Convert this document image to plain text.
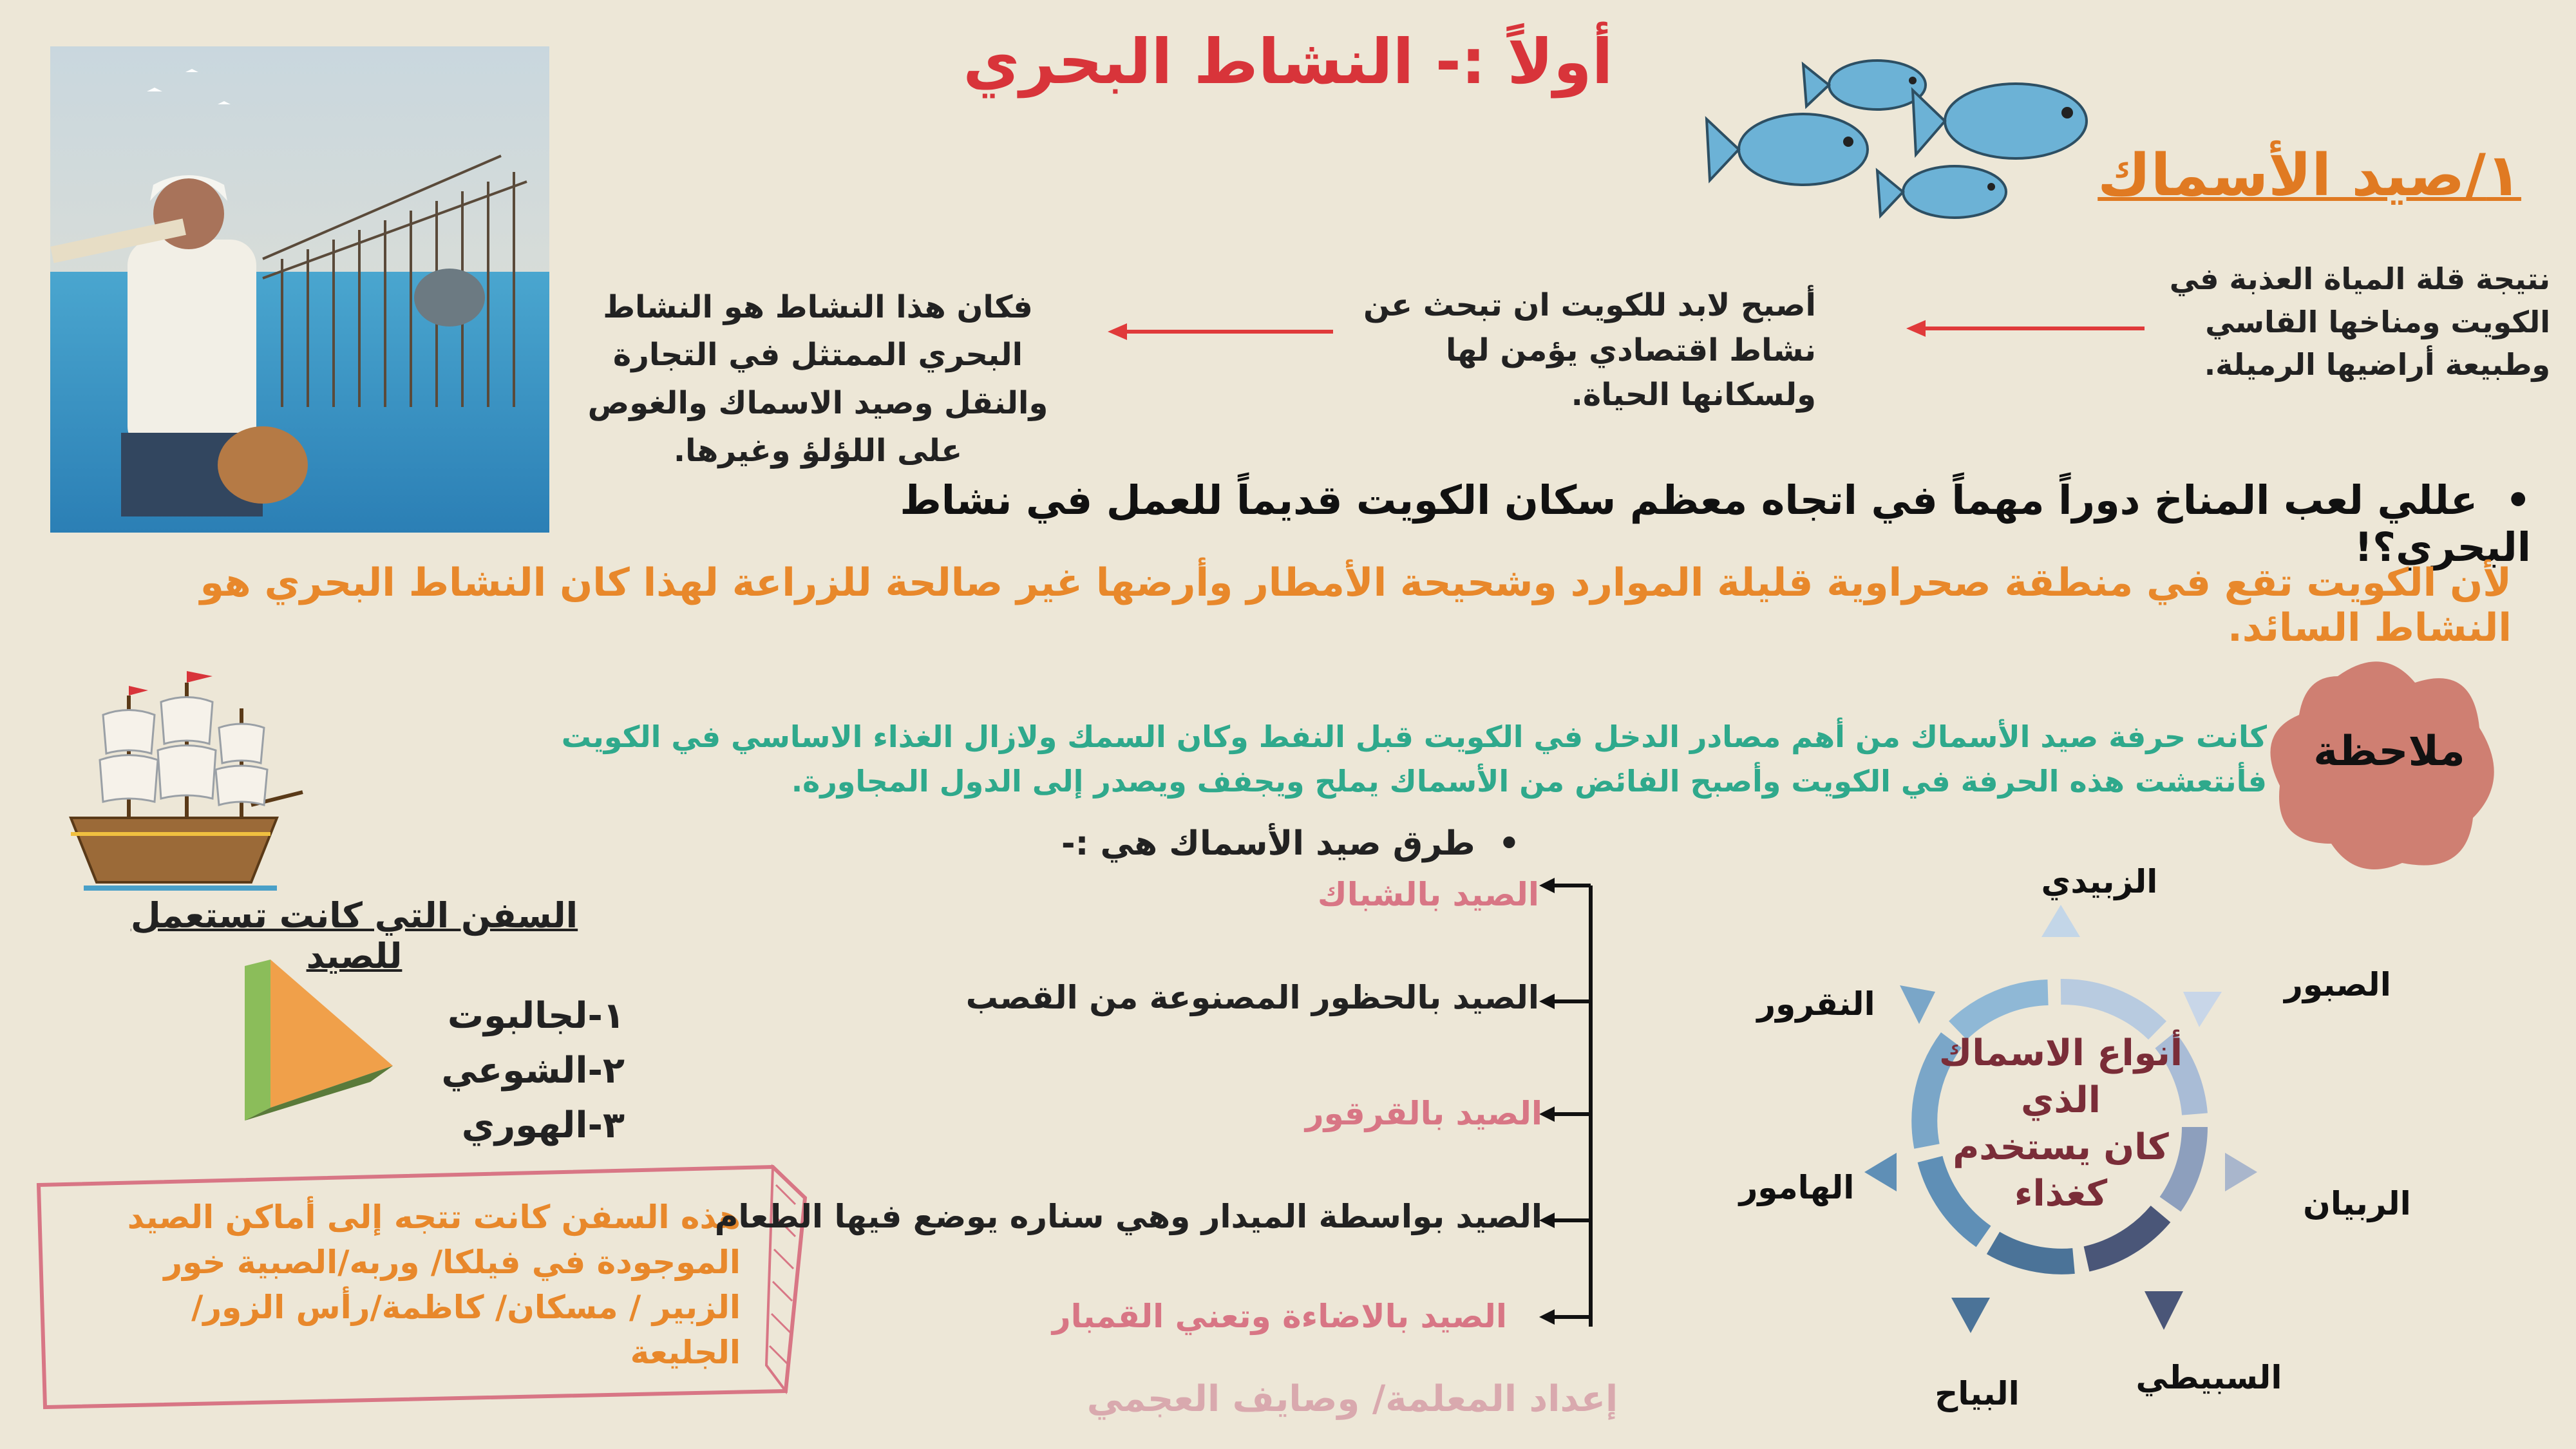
أولاً :- النشاط البحري
١/صيد الأسماك
نتيجة قلة المياة العذبة في الكويت ومناخها القاسي وطبيعة أراضيها الرميلة.
أصبح لابد للكويت ان تبحث عن نشاط اقتصادي يؤمن لها ولسكانها الحياة.
فكان هذا النشاط هو النشاط البحري الممتثل في التجارة والنقل وصيد الاسماك والغوص على اللؤلؤ وغيرها.
•  عللي لعب المناخ دوراً مهماً في اتجاه معظم سكان الكويت قديماً للعمل في نشاط البحري؟!
لأن الكويت تقع في منطقة صحراوية قليلة الموارد وشحيحة الأمطار وأرضها غير صالحة للزراعة لهذا كان النشاط البحري هو النشاط السائد.
ملاحظة
كانت حرفة صيد الأسماك من أهم مصادر الدخل في الكويت قبل النفط وكان السمك ولازال الغذاء الاساسي في الكويت فأنتعشت هذه الحرفة في الكويت وأصبح الفائض من الأسماك يملح ويجفف ويصدر إلى الدول المجاورة.
السفن التي كانت تستعمل للصيد
١-لجالبوت
٢-الشوعي
٣-الهوري
هذه السفن كانت تتجه إلى أماكن الصيد الموجودة في فيلكا/ وربه/الصبية خور الزبير / مسكان/ كاظمة/رأس الزور/ الجليعة
•  طرق صيد الأسماك هي :-
الصيد بالشباك
الصيد بالحظور المصنوعة من القصب
الصيد بالقرقور
الصيد بواسطة الميدار وهي سناره يوضع فيها الطعام
الصيد بالاضاءة وتعني القمبار
أنواع الاسماك
الذي
كان يستخدم
كغذاء
الزبيدي
الصبور
الربيان
السبيطي
البياح
الهامور
النقرور
إعداد المعلمة/ وصايف العجمي
